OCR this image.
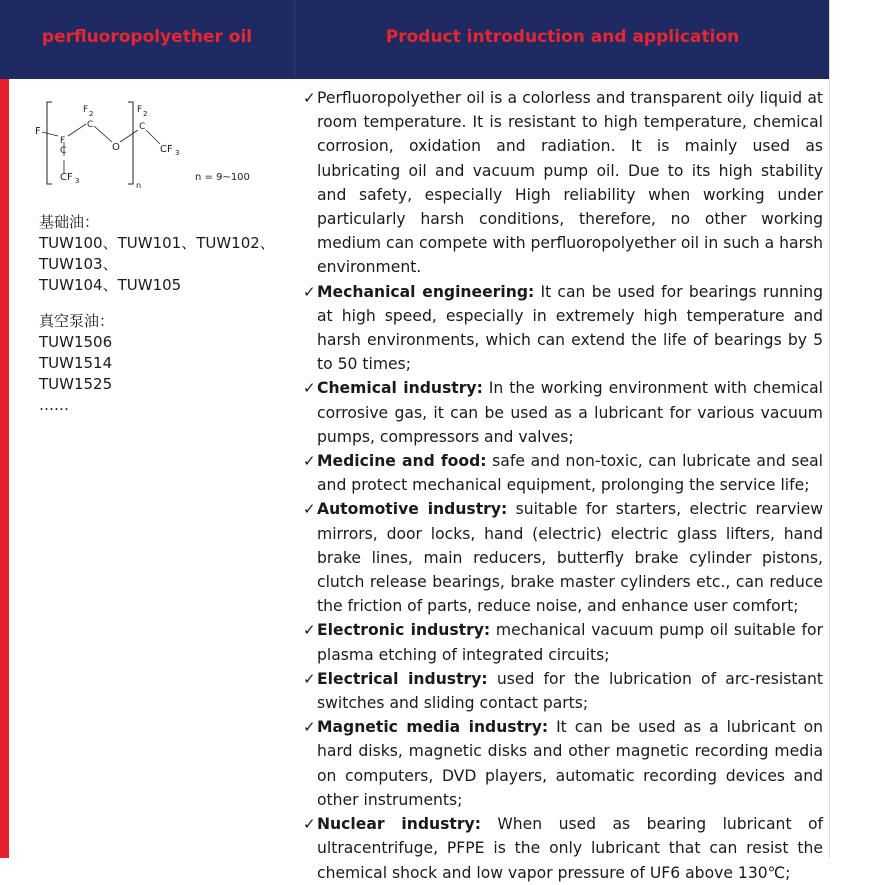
perfluoropolyether oil	Product introduction and application
F
F
C
CF 3
F 2
C
O
F 2
C
CF 3
n
n = 9~100
基础油：
TUW100、TUW101、TUW102、
TUW103、
TUW104、TUW105
真空泵油：
TUW1506
TUW1514
TUW1525
……
✓ Perfluoropolyether oil is a colorless and transparent oily liquid at room temperature. It is resistant to high temperature, chemical corrosion, oxidation and radiation. It is mainly used as lubricating oil and vacuum pump oil. Due to its high stability and safety, especially High reliability when working under particularly harsh conditions, therefore, no other working medium can compete with perfluoropolyether oil in such a harsh environment.
✓ Mechanical engineering: It can be used for bearings running at high speed, especially in extremely high temperature and harsh environments, which can extend the life of bearings by 5 to 50 times;
✓ Chemical industry: In the working environment with chemical corrosive gas, it can be used as a lubricant for various vacuum pumps, compressors and valves;
✓ Medicine and food: safe and non-toxic, can lubricate and seal and protect mechanical equipment, prolonging the service life;
✓ Automotive industry: suitable for starters, electric rearview mirrors, door locks, hand (electric) electric glass lifters, hand brake lines, main reducers, butterfly brake cylinder pistons, clutch release bearings, brake master cylinders etc., can reduce the friction of parts, reduce noise, and enhance user comfort;
✓ Electronic industry: mechanical vacuum pump oil suitable for plasma etching of integrated circuits;
✓ Electrical industry: used for the lubrication of arc-resistant switches and sliding contact parts;
✓ Magnetic media industry: It can be used as a lubricant on hard disks, magnetic disks and other magnetic recording media on computers, DVD players, automatic recording devices and other instruments;
✓ Nuclear industry: When used as bearing lubricant of ultracentrifuge, PFPE is the only lubricant that can resist the chemical shock and low vapor pressure of UF6 above 130℃;
